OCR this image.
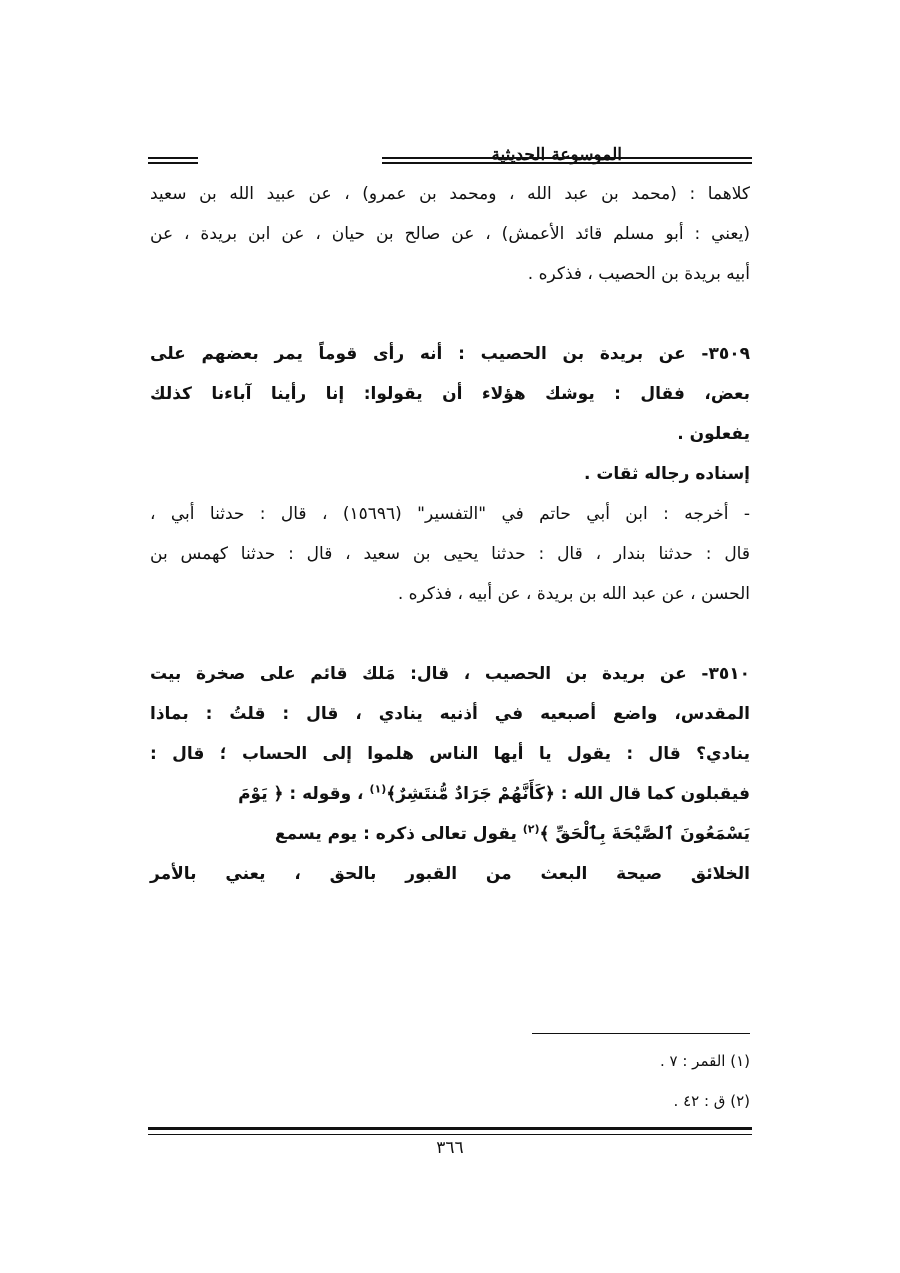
الموسوعة الحديثية
كلاهما : (محمد بن عبد الله ، ومحمد بن عمرو) ، عن عبيد الله بن سعيد
(يعني : أبو مسلم قائد الأعمش) ، عن صالح بن حيان ، عن ابن بريدة ، عن
أبيه بريدة بن الحصيب ، فذكره .
٣٥٠٩- عن بريدة بن الحصيب : أنه رأى قوماً يمر بعضهم على
بعض، فقال : يوشك هؤلاء أن يقولوا: إنا رأينا آباءنا كذلك
يفعلون .
إسناده رجاله ثقات .
- أخرجه : ابن أبي حاتم في "التفسير" (١٥٦٩٦) ، قال : حدثنا أبي ،
قال : حدثنا بندار ، قال : حدثنا يحيى بن سعيد ، قال : حدثنا كهمس بن
الحسن ، عن عبد الله بن بريدة ، عن أبيه ، فذكره .
٣٥١٠- عن بريدة بن الحصيب ، قال: مَلك قائم على صخرة بيت
المقدس، واضع أصبعيه في أذنيه ينادي ، قال : قلتُ : بماذا
ينادي؟ قال : يقول يا أيها الناس هلموا إلى الحساب ؛ قال :
فيقبلون كما قال الله : ﴿كَأَنَّهُمْ جَرَادٌ مُّنتَشِرٌ﴾$^{(١)}$ ، وقوله : ﴿ يَوْمَ
يَسْمَعُونَ ٱلصَّيْحَةَ بِٱلْحَقِّ ﴾$^{(٢)}$ يقول تعالى ذكره : يوم يسمع
الخلائق صيحة البعث من القبور بالحق ، يعني بالأمر
(١) القمر : ٧ .
(٢) ق : ٤٢ .
٣٦٦
